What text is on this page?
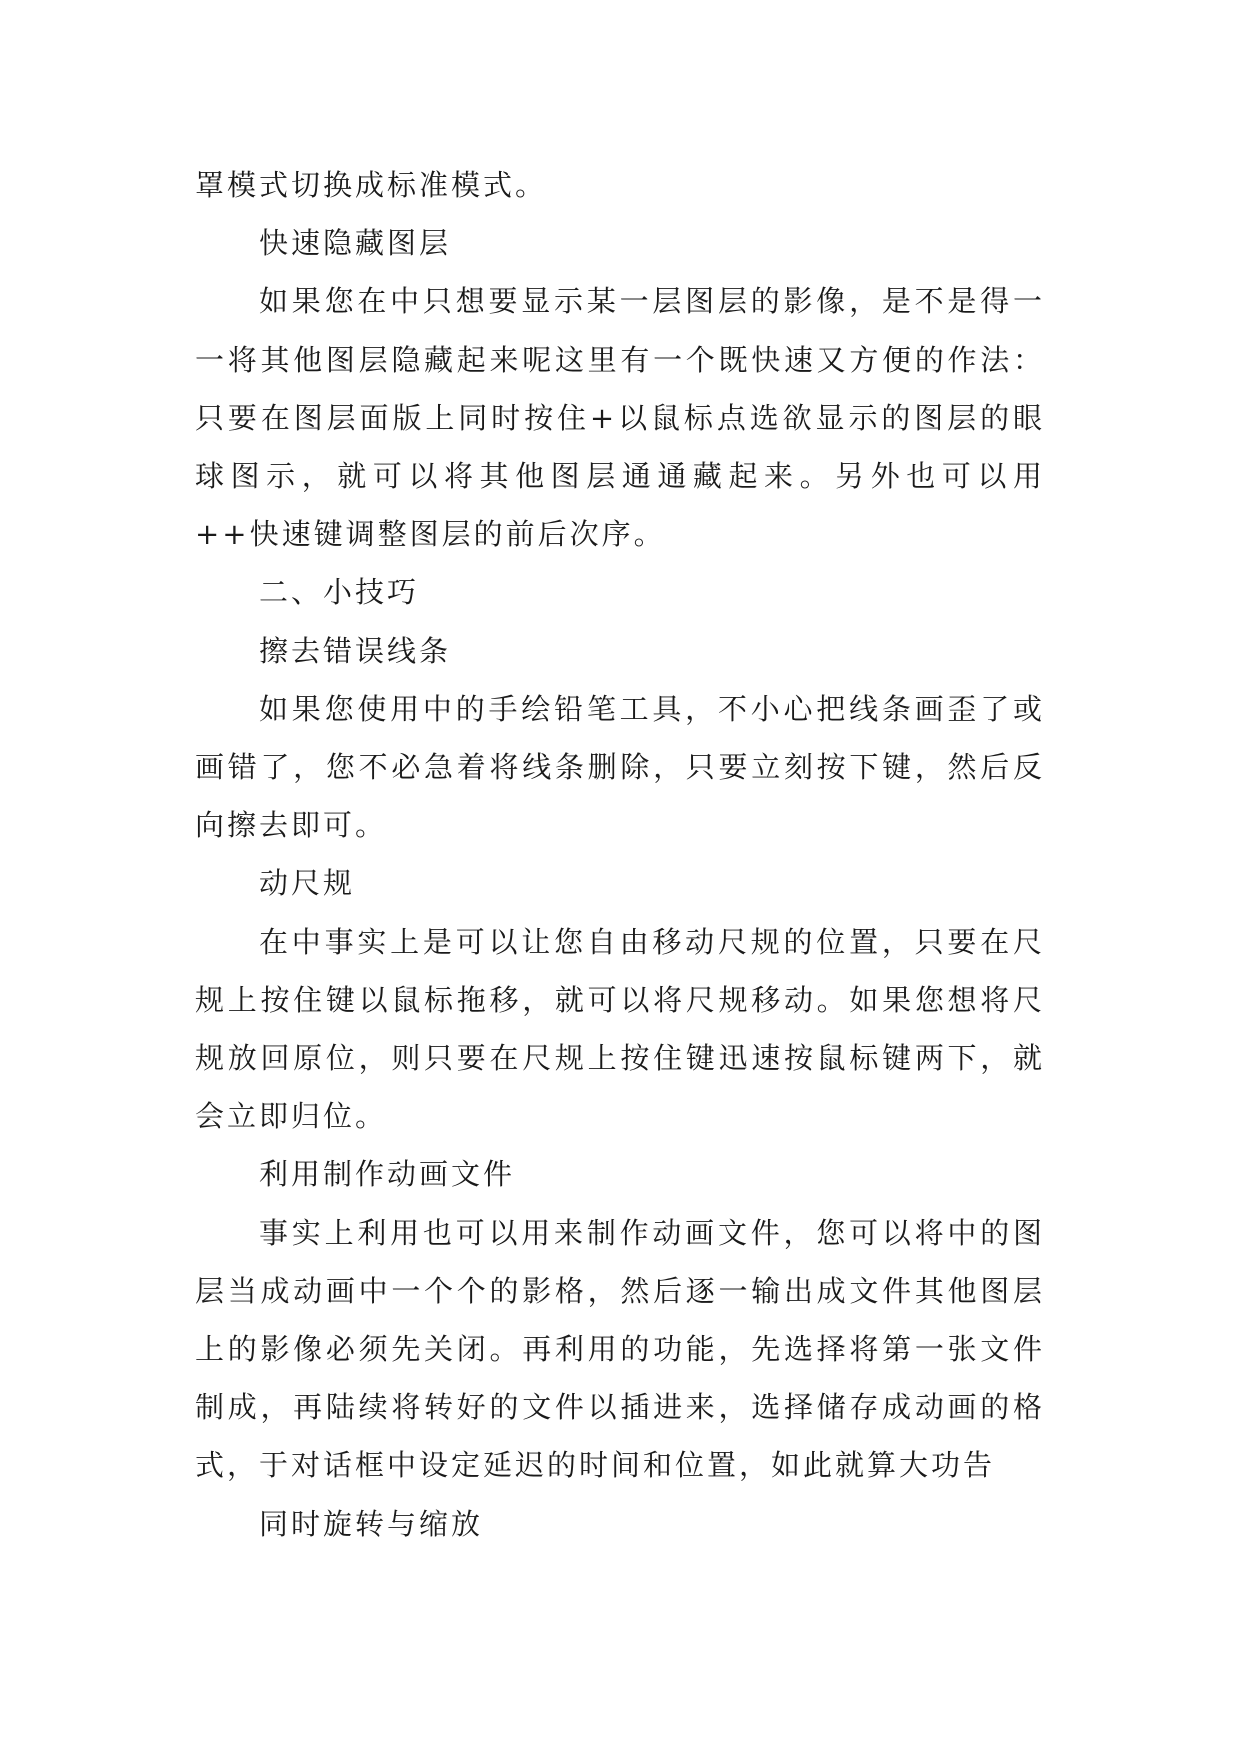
罩模式切换成标准模式。

快速隐藏图层

如果您在中只想要显示某一层图层的影像，是不是得一一将其他图层隐藏起来呢这里有一个既快速又方便的作法：只要在图层面版上同时按住+以鼠标点选欲显示的图层的眼球图示，就可以将其他图层通通藏起来。另外也可以用++快速键调整图层的前后次序。

二、小技巧

擦去错误线条

如果您使用中的手绘铅笔工具，不小心把线条画歪了或画错了，您不必急着将线条删除，只要立刻按下键，然后反向擦去即可。

动尺规

在中事实上是可以让您自由移动尺规的位置，只要在尺规上按住键以鼠标拖移，就可以将尺规移动。如果您想将尺规放回原位，则只要在尺规上按住键迅速按鼠标键两下，就会立即归位。

利用制作动画文件

事实上利用也可以用来制作动画文件，您可以将中的图层当成动画中一个个的影格，然后逐一输出成文件其他图层上的影像必须先关闭。再利用的功能，先选择将第一张文件制成，再陆续将转好的文件以插进来，选择储存成动画的格式，于对话框中设定延迟的时间和位置，如此就算大功告

同时旋转与缩放
